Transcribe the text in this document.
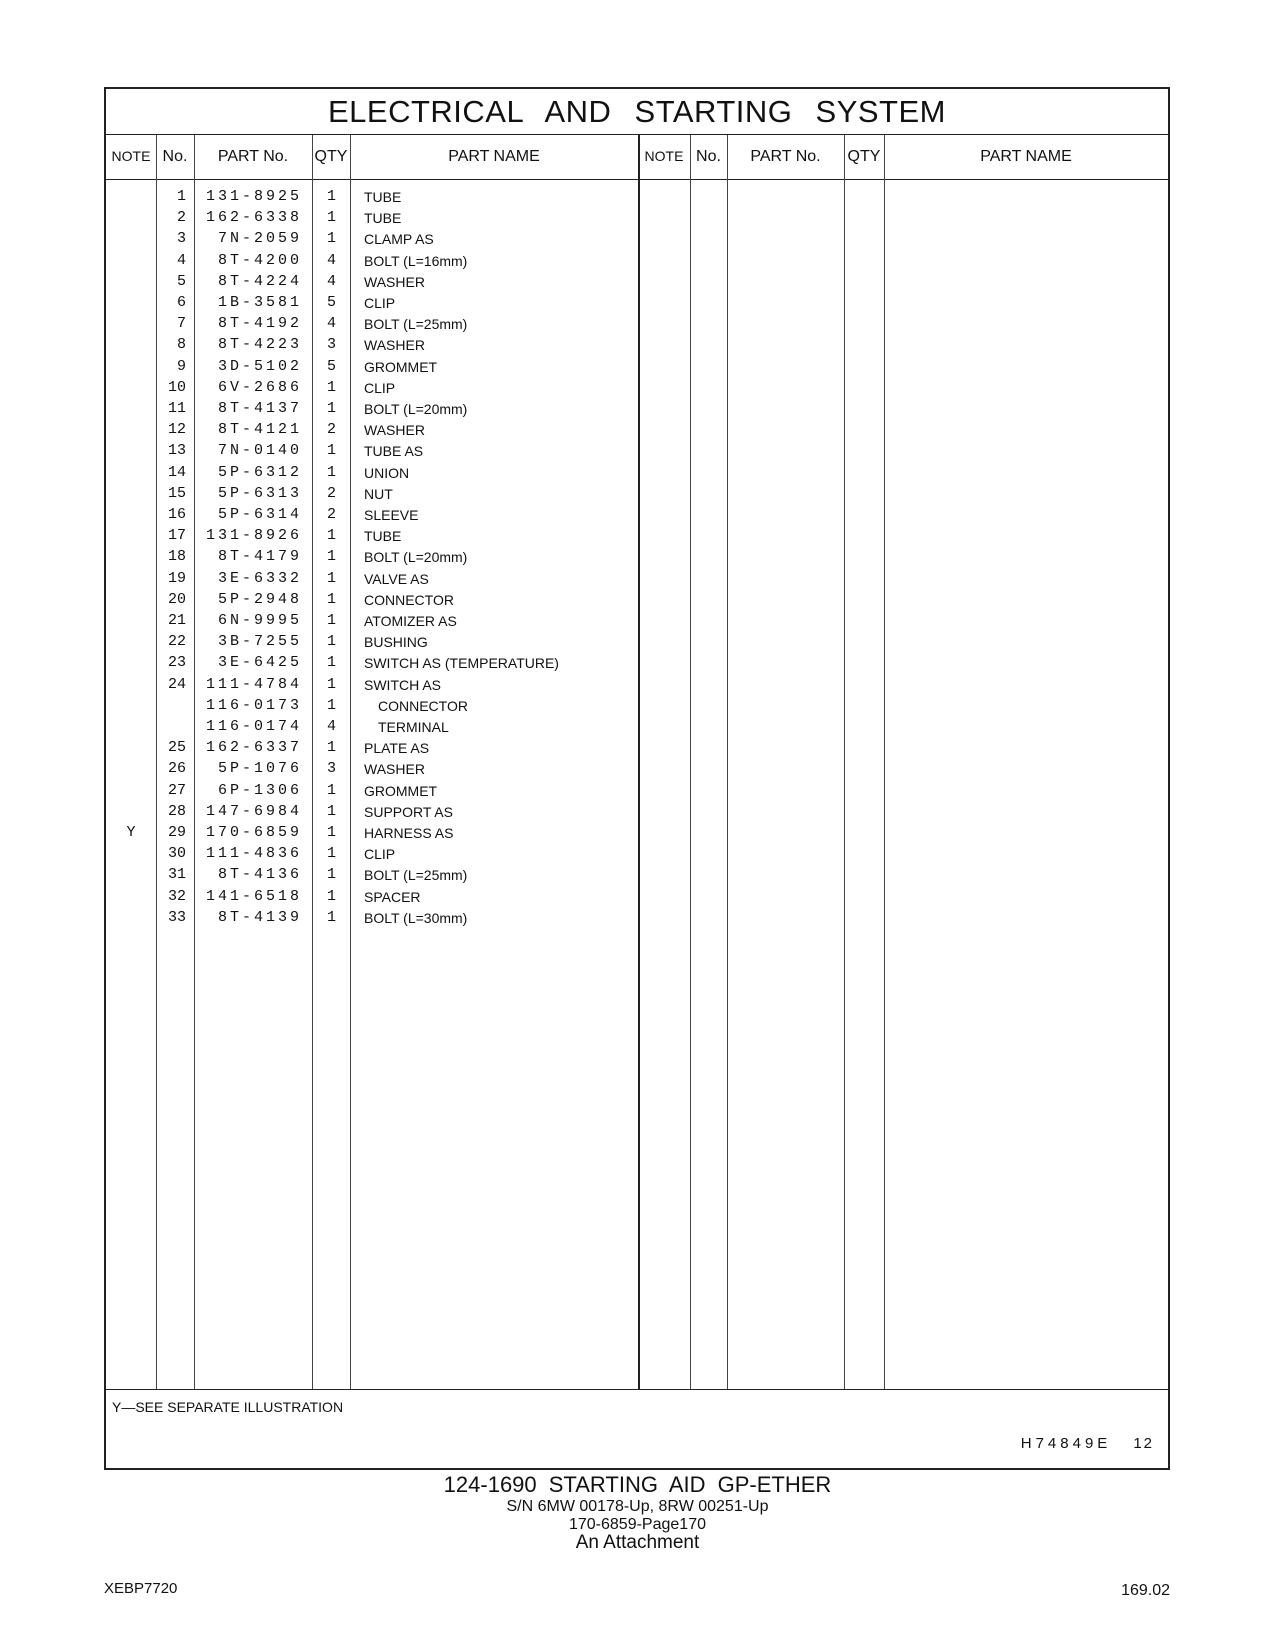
ELECTRICAL AND STARTING SYSTEM
NOTE No.	PART No.	QTY	PART NAME	NOTE No.	PART No.	QTY	PART NAME
1	131-8925	1 TUBE
2	162-6338	1 TUBE
3	7N-2059	1 CLAMP AS
4	8T-4200	4 BOLT (L=16mm)
5	8T-4224	4 WASHER
6	1B-3581	5 CLIP
7	8T-4192	4 BOLT (L=25mm)
8	8T-4223	3 WASHER
9	3D-5102	5 GROMMET
10	6V-2686	1 CLIP
11	8T-4137	1 BOLT (L=20mm)
12	8T-4121	2 WASHER
13	7N-0140	1 TUBE AS
14	5P-6312	1 UNION
15	5P-6313	2 NUT
16	5P-6314	2 SLEEVE
17	131-8926	1 TUBE
18	8T-4179	1 BOLT (L=20mm)
19	3E-6332	1 VALVE AS
20	5P-2948	1 CONNECTOR
21	6N-9995	1 ATOMIZER AS
22	3B-7255	1 BUSHING
23	3E-6425	1 SWITCH AS (TEMPERATURE)
24	111-4784	1 SWITCH AS
116-0173	1	CONNECTOR
116-0174	4	TERMINAL
25	162-6337	1 PLATE AS
26	5P-1076	3 WASHER
27	6P-1306	1 GROMMET
28	147-6984	1 SUPPORT AS
Y	29	170-6859	1 HARNESS AS
30	111-4836	1 CLIP
31	8T-4136	1 BOLT (L=25mm)
32	141-6518	1 SPACER
33	8T-4139	1 BOLT (L=30mm)
Y—SEE SEPARATE ILLUSTRATION
H74849E 12
124-1690 STARTING AID GP-ETHER
S/N 6MW 00178-Up, 8RW 00251-Up
170-6859-Page170
An Attachment
XEBP7720	169.02
